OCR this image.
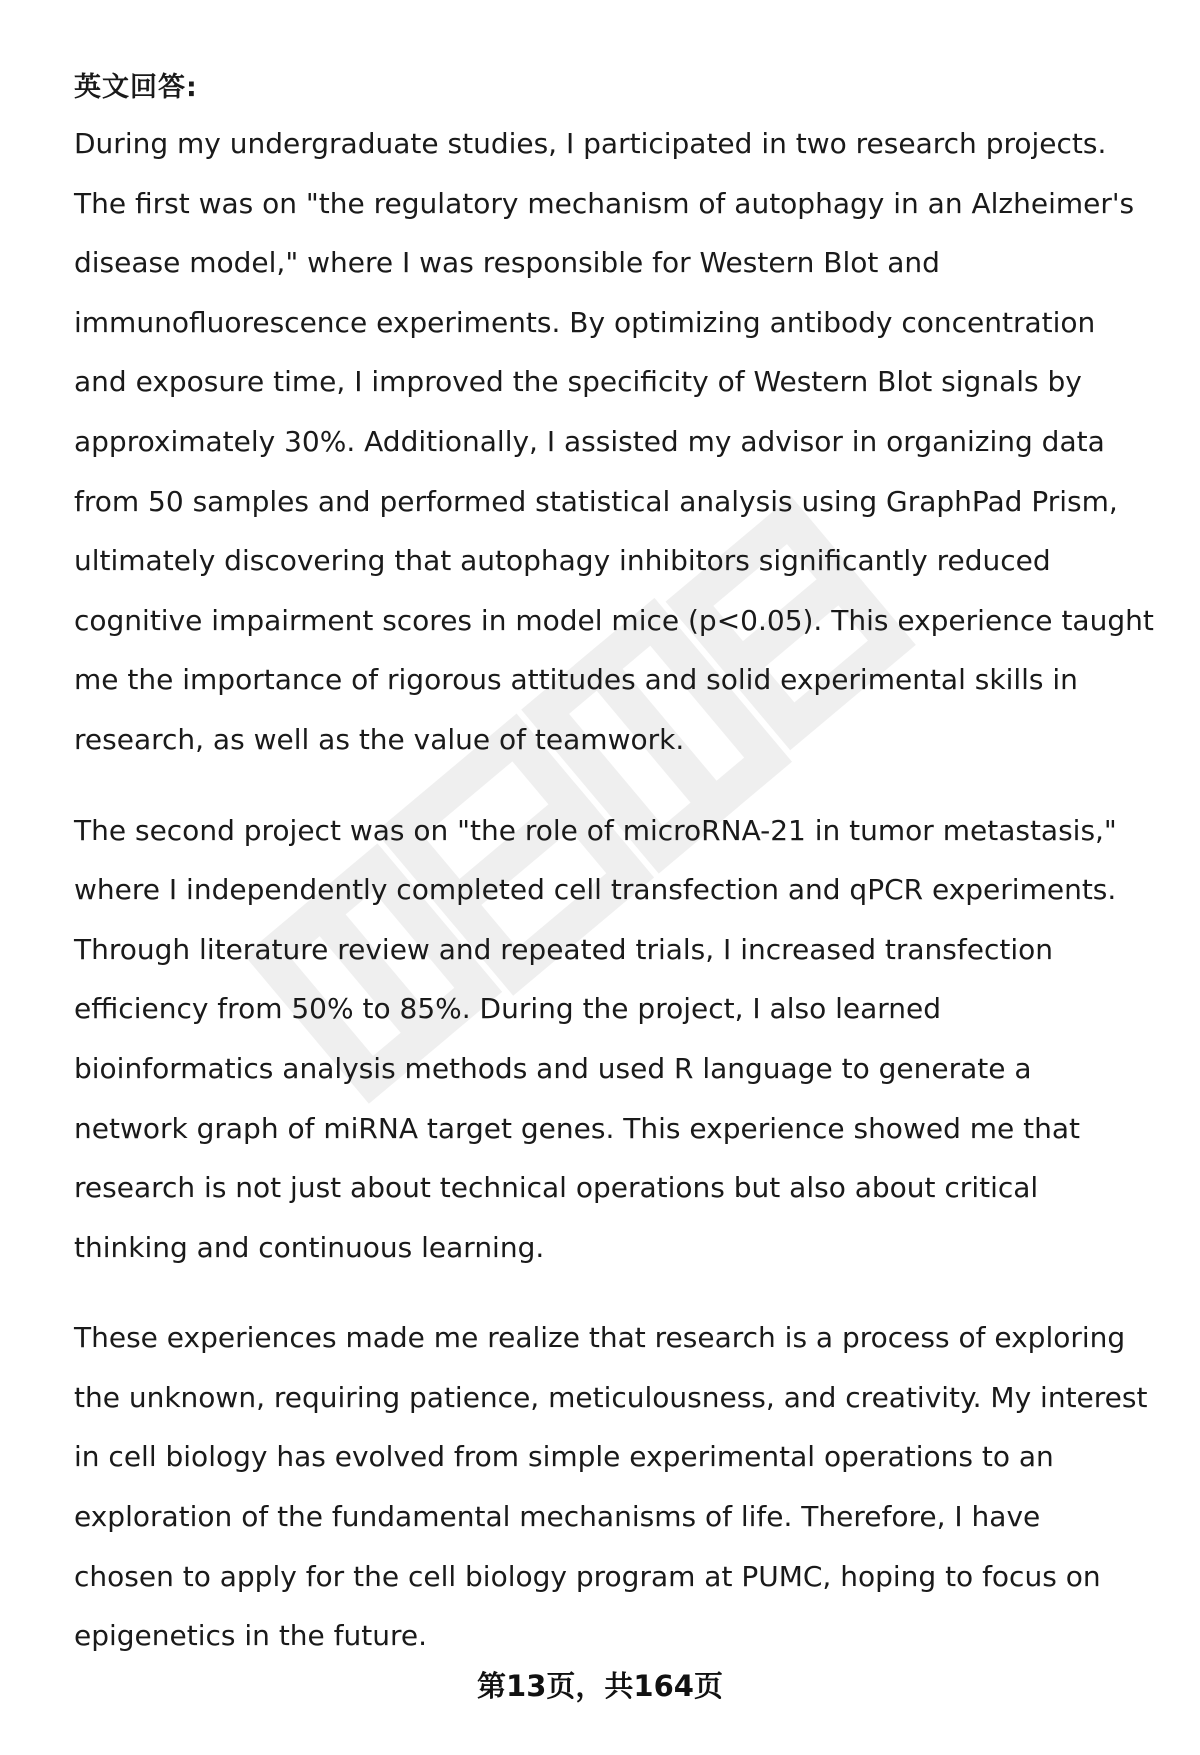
英文回答:

During my undergraduate studies, I participated in two research projects.
The first was on "the regulatory mechanism of autophagy in an Alzheimer's
disease model," where I was responsible for Western Blot and
immunofluorescence experiments. By optimizing antibody concentration
and exposure time, I improved the specificity of Western Blot signals by
approximately 30%. Additionally, I assisted my advisor in organizing data
from 50 samples and performed statistical analysis using GraphPad Prism,
ultimately discovering that autophagy inhibitors significantly reduced
cognitive impairment scores in model mice (p<0.05). This experience taught
me the importance of rigorous attitudes and solid experimental skills in
research, as well as the value of teamwork.

The second project was on "the role of microRNA-21 in tumor metastasis,"
where I independently completed cell transfection and qPCR experiments.
Through literature review and repeated trials, I increased transfection
efficiency from 50% to 85%. During the project, I also learned
bioinformatics analysis methods and used R language to generate a
network graph of miRNA target genes. This experience showed me that
research is not just about technical operations but also about critical
thinking and continuous learning.

These experiences made me realize that research is a process of exploring
the unknown, requiring patience, meticulousness, and creativity. My interest
in cell biology has evolved from simple experimental operations to an
exploration of the fundamental mechanisms of life. Therefore, I have
chosen to apply for the cell biology program at PUMC, hoping to focus on
epigenetics in the future.

第13页，共164页
